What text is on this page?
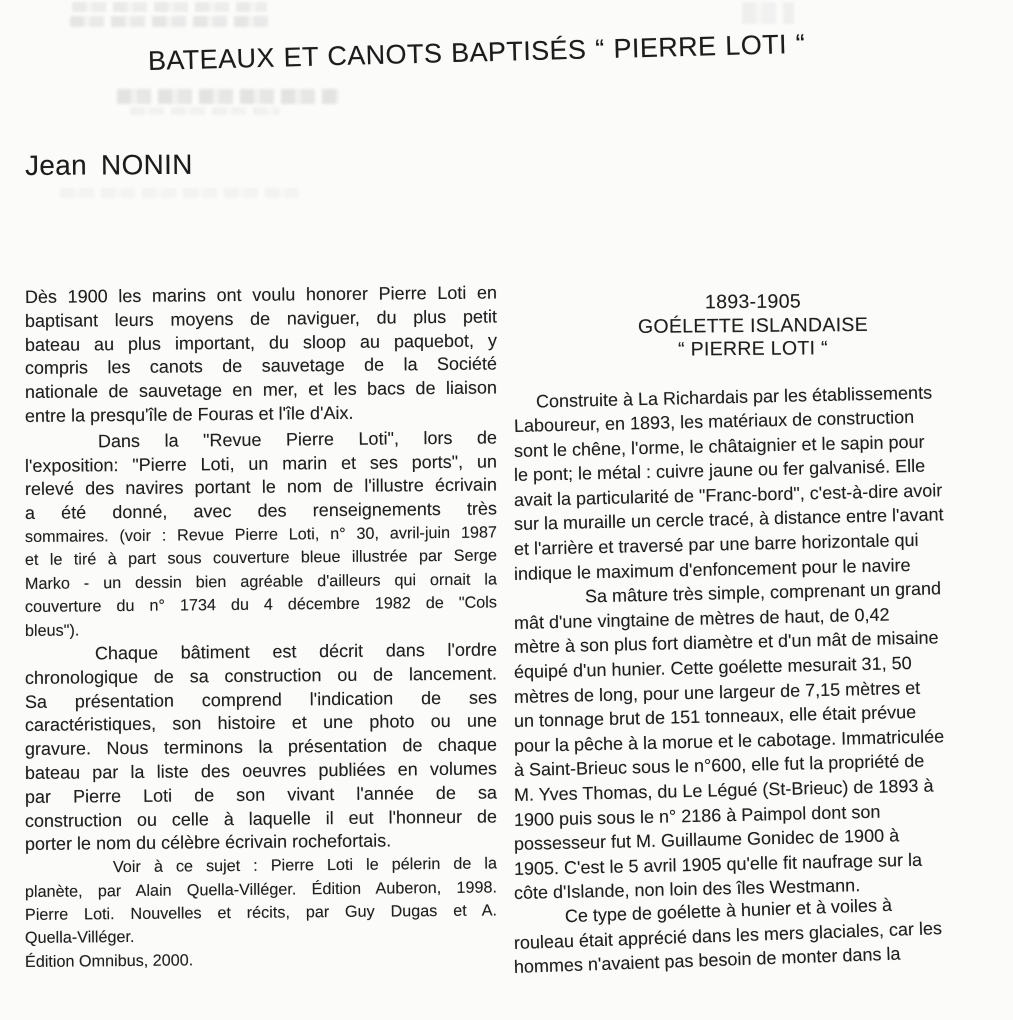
BATEAUX ET CANOTS BAPTISÉS “ PIERRE LOTI “
Jean NONIN
Dès 1900 les marins ont voulu honorer Pierre Loti en
baptisant leurs moyens de naviguer, du plus petit
bateau au plus important, du sloop au paquebot, y
compris les canots de sauvetage de la Société
nationale de sauvetage en mer, et les bacs de liaison
entre la presqu'île de Fouras et l'île d'Aix.
Dans la "Revue Pierre Loti", lors de
l'exposition: "Pierre Loti, un marin et ses ports", un
relevé des navires portant le nom de l'illustre écrivain
a été donné, avec des renseignements très
sommaires. (voir : Revue Pierre Loti, n° 30, avril-juin 1987
et le tiré à part sous couverture bleue illustrée par Serge
Marko - un dessin bien agréable d'ailleurs qui ornait la
couverture du n° 1734 du 4 décembre 1982 de "Cols
bleus").
Chaque bâtiment est décrit dans l'ordre
chronologique de sa construction ou de lancement.
Sa présentation comprend l'indication de ses
caractéristiques, son histoire et une photo ou une
gravure. Nous terminons la présentation de chaque
bateau par la liste des oeuvres publiées en volumes
par Pierre Loti de son vivant l'année de sa
construction ou celle à laquelle il eut l'honneur de
porter le nom du célèbre écrivain rochefortais.
Voir à ce sujet : Pierre Loti le pélerin de la
planète, par Alain Quella-Villéger. Édition Auberon, 1998.
Pierre Loti. Nouvelles et récits, par Guy Dugas et A.
Quella-Villéger.
Édition Omnibus, 2000.
1893-1905
GOÉLETTE ISLANDAISE
“ PIERRE LOTI “
Construite à La Richardais par les établissements
Laboureur, en 1893, les matériaux de construction
sont le chêne, l'orme, le châtaignier et le sapin pour
le pont; le métal : cuivre jaune ou fer galvanisé. Elle
avait la particularité de "Franc-bord", c'est-à-dire avoir
sur la muraille un cercle tracé, à distance entre l'avant
et l'arrière et traversé par une barre horizontale qui
indique le maximum d'enfoncement pour le navire
Sa mâture très simple, comprenant un grand
mât d'une vingtaine de mètres de haut, de 0,42
mètre à son plus fort diamètre et d'un mât de misaine
équipé d'un hunier. Cette goélette mesurait 31, 50
mètres de long, pour une largeur de 7,15 mètres et
un tonnage brut de 151 tonneaux, elle était prévue
pour la pêche à la morue et le cabotage. Immatriculée
à Saint-Brieuc sous le n°600, elle fut la propriété de
M. Yves Thomas, du Le Légué (St-Brieuc) de 1893 à
1900 puis sous le n° 2186 à Paimpol dont son
possesseur fut M. Guillaume Gonidec de 1900 à
1905. C'est le 5 avril 1905 qu'elle fit naufrage sur la
côte d'Islande, non loin des îles Westmann.
Ce type de goélette à hunier et à voiles à
rouleau était apprécié dans les mers glaciales, car les
hommes n'avaient pas besoin de monter dans la
